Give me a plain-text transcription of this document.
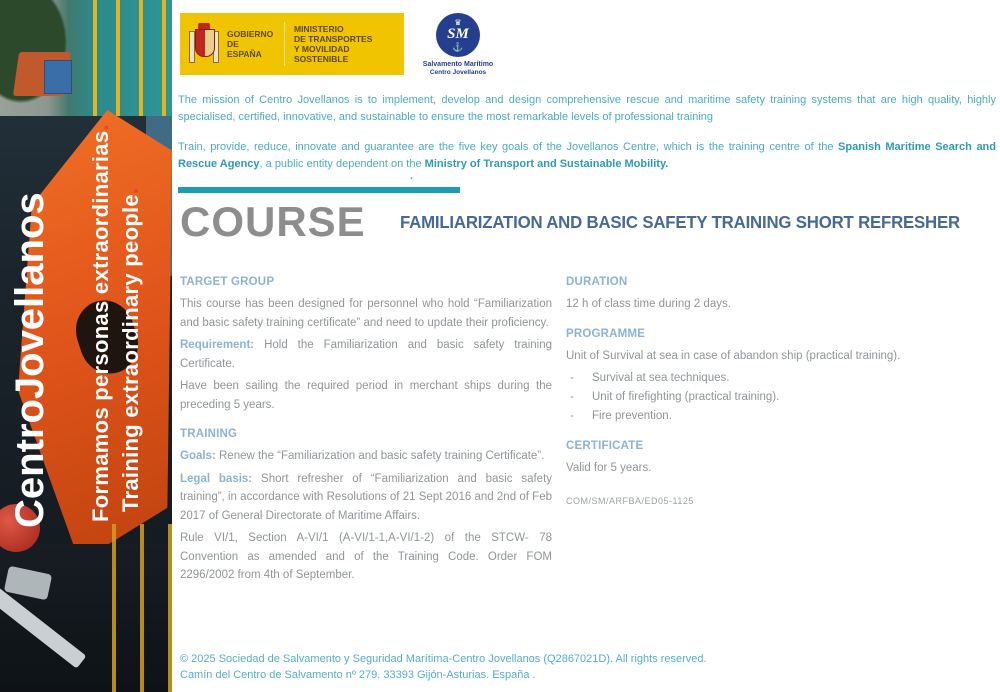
CentroJovellanos Formamos personas extraordinarias.
Training extraordinary people.
GOBIERNO
DE ESPAÑA
MINISTERIO
DE TRANSPORTES
Y MOVILIDAD SOSTENIBLE
♛
SM
⚓
Salvamento Marítimo
Centro Jovellanos

The mission of Centro Jovellanos is to implement, develop and design comprehensive rescue and maritime safety training systems that are high quality, highly specialised, certified, innovative, and sustainable to ensure the most remarkable levels of professional training

Train, provide, reduce, innovate and guarantee are the five key goals of the Jovellanos Centre, which is the training centre of the Spanish Maritime Search and Rescue Agency, a public entity dependent on the Ministry of Transport and Sustainable Mobility.

.
COURSE FAMILIARIZATION AND BASIC SAFETY TRAINING SHORT REFRESHER
TARGET GROUP

This course has been designed for personnel who hold “Familiarization and basic safety training certificate” and need to update their proficiency.

Requirement: Hold the Familiarization and basic safety training Certificate.

Have been sailing the required period in merchant ships during the preceding 5 years.

TRAINING

Goals: Renew the “Familiarization and basic safety training Certificate”.

Legal basis: Short refresher of “Familiarization and basic safety training”, in accordance with Resolutions of 21 Sept 2016 and 2nd of Feb 2017 of General Directorate of Maritime Affairs.

Rule VI/1, Section A-VI/1 (A-VI/1-1,A-VI/1-2) of the STCW- 78 Convention as amended and of the Training Code. Order FOM 2296/2002 from 4th of September.

DURATION

12 h of class time during 2 days.

PROGRAMME

Unit of Survival at sea in case of abandon ship (practical training).

-	Survival at sea techniques.
-	Unit of firefighting (practical training).
-	Fire prevention.
CERTIFICATE

Valid for 5 years.

COM/SM/ARFBA/ED05-1125
© 2025 Sociedad de Salvamento y Seguridad Marítima-Centro Jovellanos (Q2867021D). All rights reserved.
Camín del Centro de Salvamento nº 279. 33393 Gijón-Asturias. España .
